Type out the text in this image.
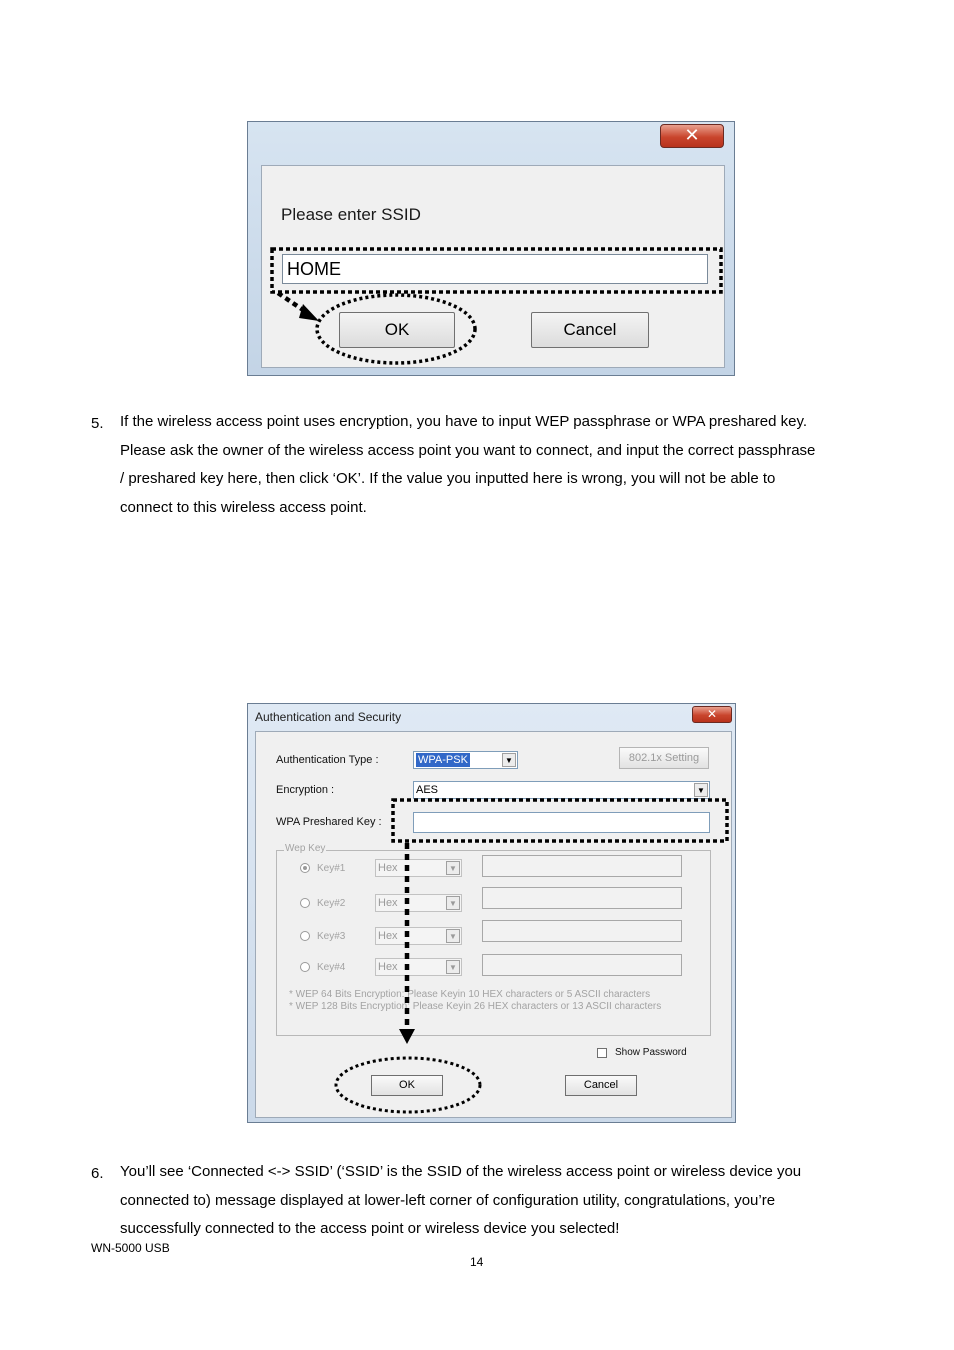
✕
Please enter SSID
HOME
OK	Cancel
5. If the wireless access point uses encryption, you have to input WEP passphrase or WPA preshared key.

Please ask the owner of the wireless access point you want to connect, and input the correct passphrase

/ preshared key here, then click ‘OK’. If the value you inputted here is wrong, you will not be able to

connect to this wireless access point.

Authentication and Security	✕
Authentication Type :	WPA-PSK	▼	802.1x Setting
Encryption :	AES	▼
WPA Preshared Key :
Wep Key
Key#1	Hex	▼
Key#2	Hex	▼
Key#3	Hex	▼
Key#4	Hex	▼
* WEP 64 Bits Encryption: Please Keyin 10 HEX characters or 5 ASCII characters
* WEP 128 Bits Encryption: Please Keyin 26 HEX characters or 13 ASCII characters
Show Password
OK	Cancel
6. You’ll see ‘Connected <-> SSID’ (‘SSID’ is the SSID of the wireless access point or wireless device you

connected to) message displayed at lower-left corner of configuration utility, congratulations, you’re

successfully connected to the access point or wireless device you selected!

WN-5000 USB
14
